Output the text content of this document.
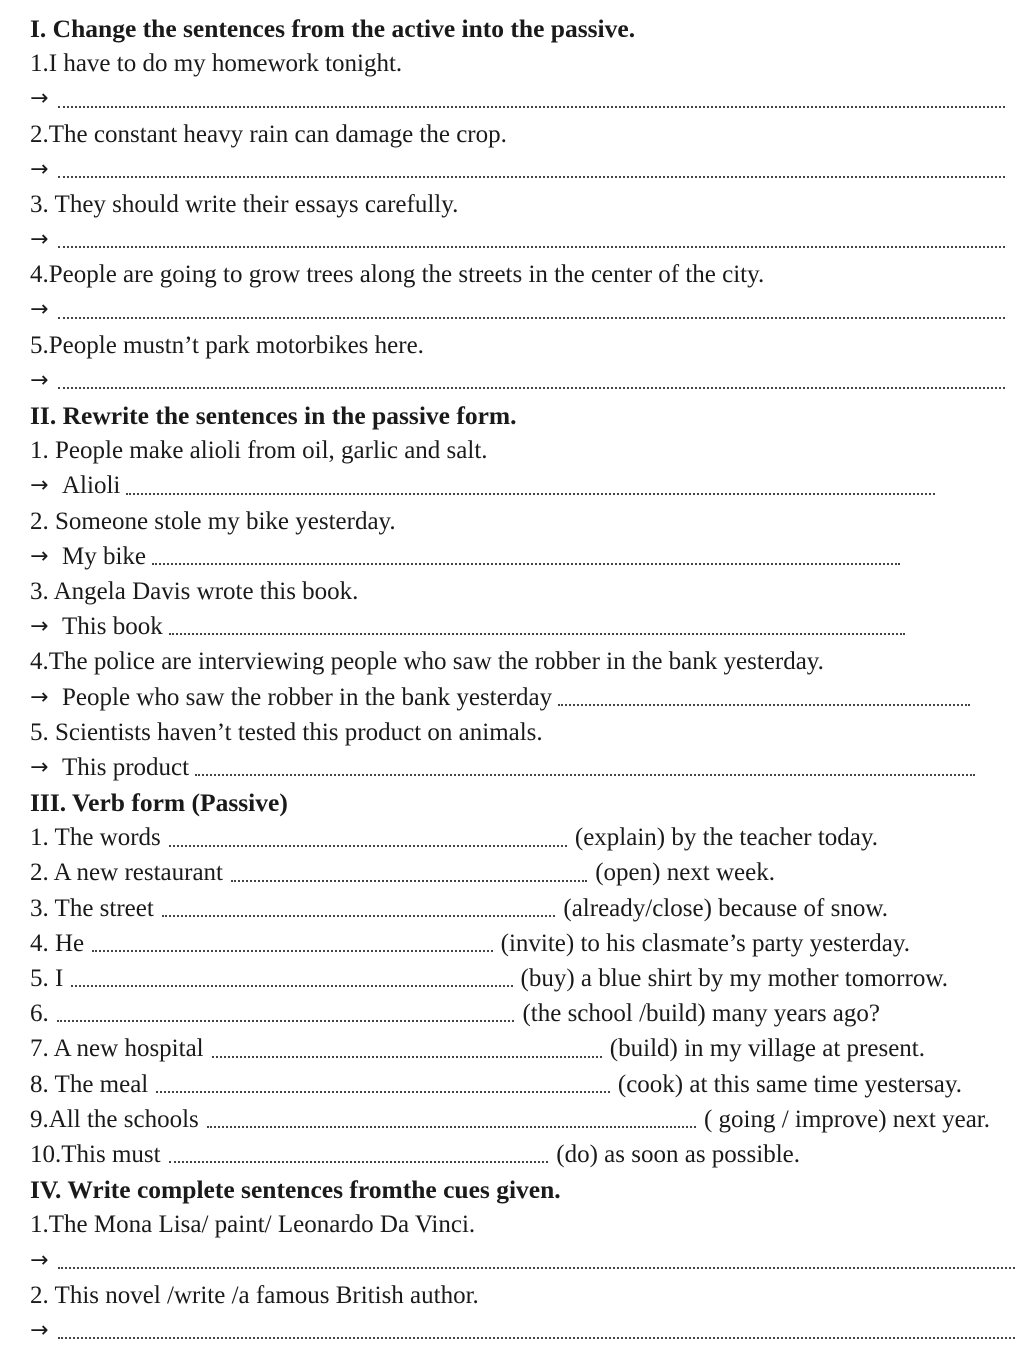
I. Change the sentences from the active into the passive.
1.I have to do my homework tonight.
→
2.The constant heavy rain can damage the crop.
→
3. They should write their essays carefully.
→
4.People are going to grow trees along the streets in the center of the city.
→
5.People mustn’t park motorbikes here.
→
II. Rewrite the sentences in the passive form.
1. People make alioli from oil, garlic and salt.
→ Alioli
2. Someone stole my bike yesterday.
→ My bike
3. Angela Davis wrote this book.
→ This book
4.The police are interviewing people who saw the robber in the bank yesterday.
→ People who saw the robber in the bank yesterday
5. Scientists haven’t tested this product on animals.
→ This product
III. Verb form (Passive)
1. The words	(explain) by the teacher today.
2. A new restaurant	(open) next week.
3. The street	(already/close) because of snow.
4. He	(invite) to his clasmate’s party yesterday.
5. I	(buy) a blue shirt by my mother tomorrow.
6.	(the school /build) many years ago?
7. A new hospital	(build) in my village at present.
8. The meal	(cook) at this same time yestersay.
9.All the schools	( going / improve) next year.
10.This must	(do) as soon as possible.
IV. Write complete sentences fromthe cues given.
1.The Mona Lisa/ paint/ Leonardo Da Vinci.
→
2. This novel /write /a famous British author.
→
